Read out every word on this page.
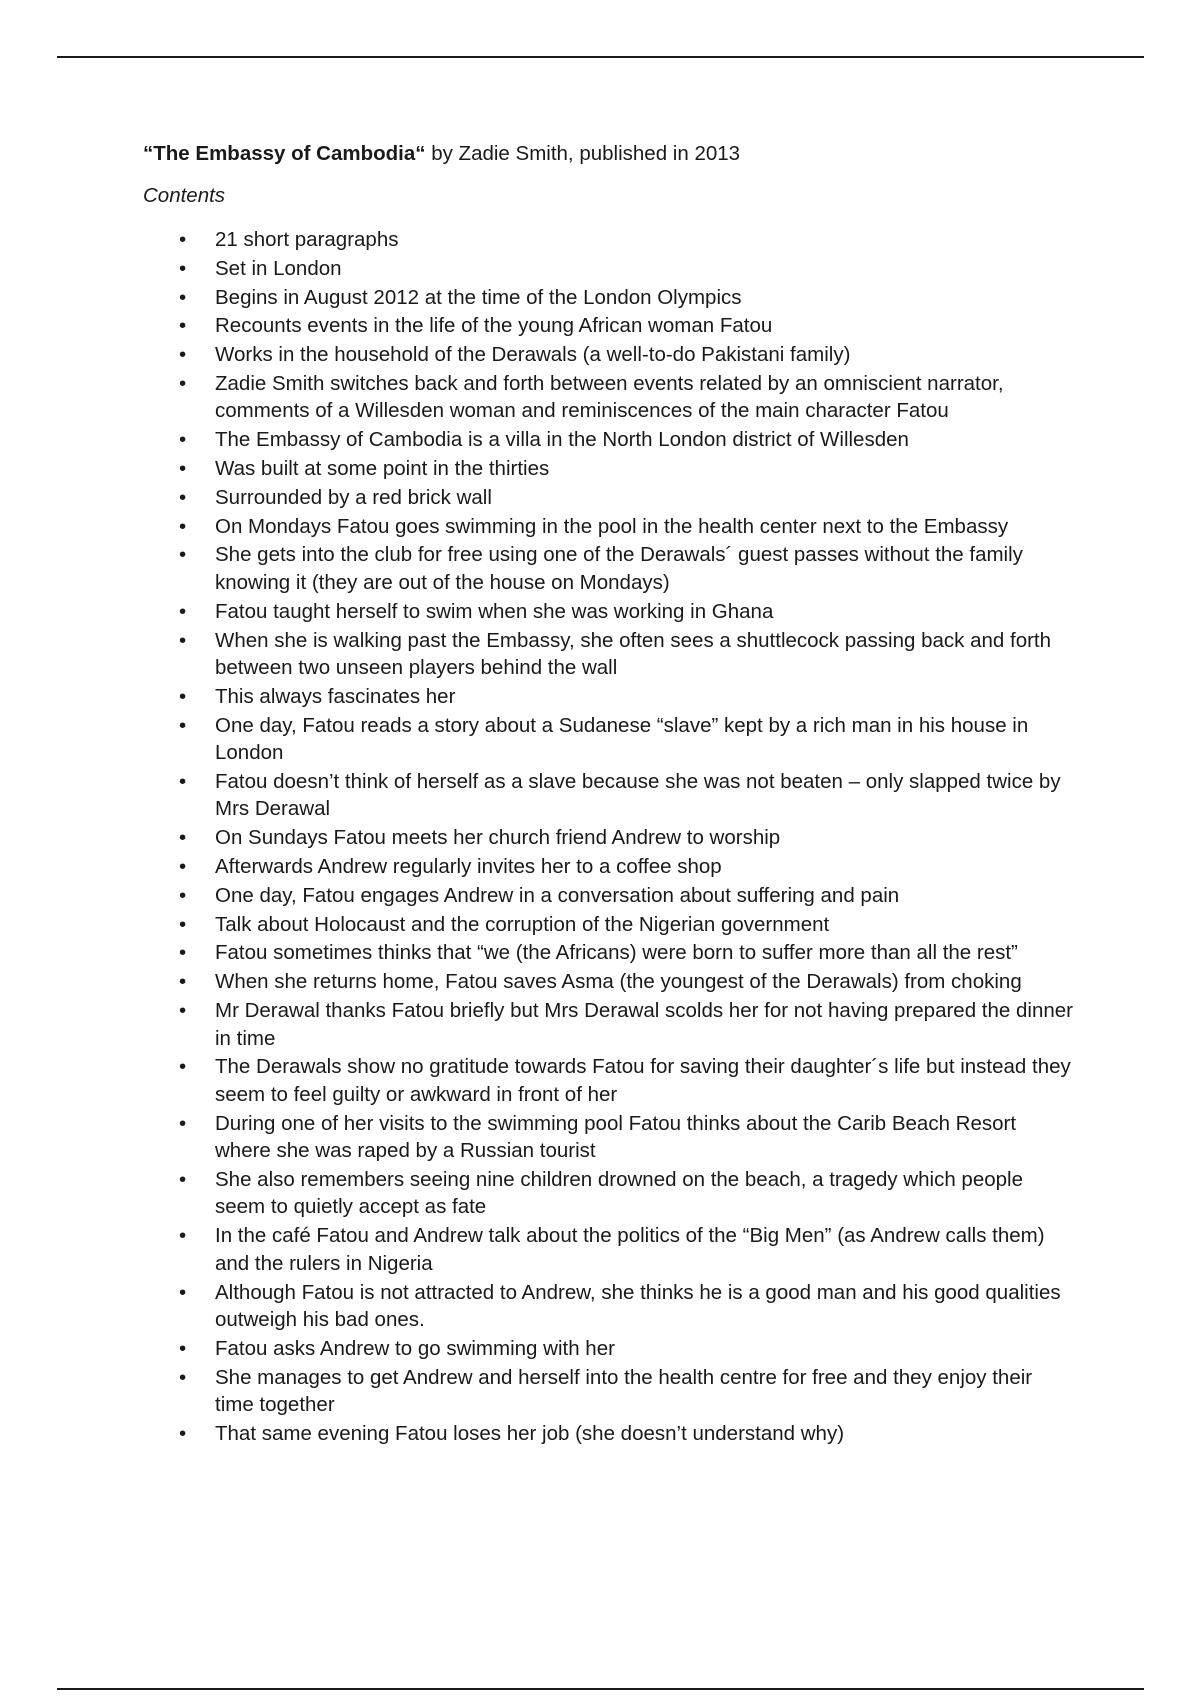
“The Embassy of Cambodia“ by Zadie Smith, published in 2013

Contents

• 21 short paragraphs
• Set in London
• Begins in August 2012 at the time of the London Olympics
• Recounts events in the life of the young African woman Fatou
• Works in the household of the Derawals (a well-to-do Pakistani family)
• Zadie Smith switches back and forth between events related by an omniscient narrator, comments of a Willesden woman and reminiscences of the main character Fatou
• The Embassy of Cambodia is a villa in the North London district of Willesden
• Was built at some point in the thirties
• Surrounded by a red brick wall
• On Mondays Fatou goes swimming in the pool in the health center next to the Embassy
• She gets into the club for free using one of the Derawals´ guest passes without the family knowing it (they are out of the house on Mondays)
• Fatou taught herself to swim when she was working in Ghana
• When she is walking past the Embassy, she often sees a shuttlecock passing back and forth between two unseen players behind the wall
• This always fascinates her
• One day, Fatou reads a story about a Sudanese “slave” kept by a rich man in his house in London
• Fatou doesn’t think of herself as a slave because she was not beaten – only slapped twice by Mrs Derawal
• On Sundays Fatou meets her church friend Andrew to worship
• Afterwards Andrew regularly invites her to a coffee shop
• One day, Fatou engages Andrew in a conversation about suffering and pain
• Talk about Holocaust and the corruption of the Nigerian government
• Fatou sometimes thinks that “we (the Africans) were born to suffer more than all the rest”
• When she returns home, Fatou saves Asma (the youngest of the Derawals) from choking
• Mr Derawal thanks Fatou briefly but Mrs Derawal scolds her for not having prepared the dinner in time
• The Derawals show no gratitude towards Fatou for saving their daughter´s life but instead they seem to feel guilty or awkward in front of her
• During one of her visits to the swimming pool Fatou thinks about the Carib Beach Resort where she was raped by a Russian tourist
• She also remembers seeing nine children drowned on the beach, a tragedy which people seem to quietly accept as fate
• In the café Fatou and Andrew talk about the politics of the “Big Men” (as Andrew calls them) and the rulers in Nigeria
• Although Fatou is not attracted to Andrew, she thinks he is a good man and his good qualities outweigh his bad ones.
• Fatou asks Andrew to go swimming with her
• She manages to get Andrew and herself into the health centre for free and they enjoy their time together
• That same evening Fatou loses her job (she doesn’t understand why)
